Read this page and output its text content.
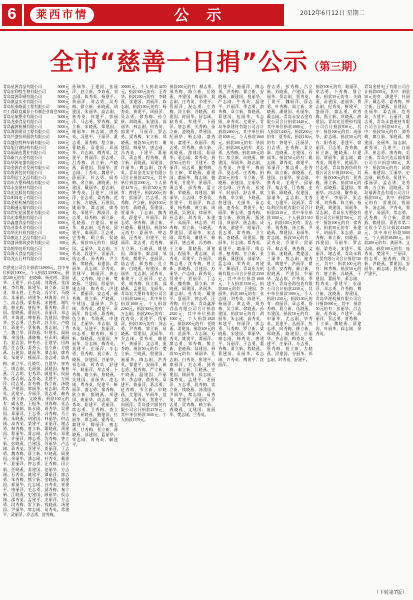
6	莱西市情	公 示	2012年6月12日 星期二
全市“慈善一日捐”公示（第三期）
青岛星源食品有限公司	5000元
青岛宏利特生物有限公司	5000元
青岛富源印刷有限公司	5000元
青岛康益实业有限公司	5000元
青岛恒泰路面工程有限公司 5000元
市工商联直属非公有制企业商会 5000元
青岛启航塑业有限公司	5000元
青岛龙泰食品有限公司	5000元
青岛鑫源机械有限公司	5000元
青岛海润建设工程有限公司 5000元
青岛兴盛纺织服装有限公司 1000元
青岛盛达特种车辆有限公司 1000元
青岛旭日钢结构有限公司	1000元
青岛福瑞达置业有限公司	1000元
青岛新兴五金有限公司	1000元
青岛华源电器有限公司	1000元
青岛金源农业发展有限公司 1000元
青岛鲁源包装有限公司	1000元
青岛利达工艺品有限公司	1000元
青岛东方塑料制品有限公司 1000元
青岛永安建材有限公司	1000元
青岛宏达服装有限公司	1000元
青岛明珠电子有限公司	1000元
青岛金桥机械有限公司	1000元
青岛顺通运输有限公司	1000元
青岛世纪花园置业有限公司 1000元
青岛宏泰塑胶有限公司	1000元
青岛鑫盛食品有限公司	1000元
青岛亚泰木业有限公司	600元
青岛华光针织有限公司	600元
青岛康达工艺品有限公司	600元
青岛盛泽建筑安装有限公司 500元
青岛锦华纺织有限公司	500元
青岛海天食品有限公司	500元
青岛龙山石材有限公司	500元

市供电公司合计捐款134900元，其中单位捐款1000元，个人捐款133900元。捐款200元的有：赵晓峰、杨光明、姜丽华、王建平、孙志刚、刘海燕、张国栋、李红梅、陈建军、周立新、吴春花、郑永胜、王秀英、冯学军、马晓东、朱丽娟、胡建华、林海涛、何玉兰、高志强、梁春燕、宋德胜、谢红霞、韩光辉、唐振华、董秀梅、萧立国、程晓燕、曹国庆、袁丽萍、邓志明、许海波、傅春燕、沈建国、曾丽华、彭志勇、吕秀珍、苏卫东、卢晓红、蒋建平、蔡春梅、贾志刚、丁秀兰、魏立华、薛海燕、叶建军、阎丽娜、余国强、潘晓梅、杜永明、戴丽君、夏志国、钟秀芳、汪建华、田海霞、任志强、姜秀云、范立新、方晓燕、石建国、姚丽华、谭志刚、廖秀英、邹建平、熊丽萍、金志勇、陆秀梅、郝立军、孔晓红、白建华、崔秀兰、康志刚、毛丽娟、邱建国、秦春燕、江志明、史秀珍、顾建军、侯丽华、邵志刚、孟秀英、龙建平、万丽萍、段志勇、雷秀梅、钱立新、汤晓燕、尹建国、黎丽华、易志刚、常秀英、武建平、乔丽萍、贺志勇、赖秀梅、龚立新、文晓燕。捐款100元的有：臧永胜、王振华、刘春梅、张志国、李丽娟、陈永刚、周秀华、吴建国、郑丽萍、王志勇、冯秀梅、马立新、朱晓燕、胡建国、林丽华、何志刚、高秀英、梁建平、宋丽萍、谢志勇、韩秀梅、唐立新、董晓燕、萧建国、程丽华、曹志刚、袁秀英、邓建平、许丽萍、傅志勇、沈秀梅、曾立新、彭晓燕、吕建国、苏丽华、卢志刚、蒋秀英、蔡建平、贾丽萍、丁志勇、魏秀梅、薛立新、叶晓燕、阎建国、余丽华、潘志刚、杜秀英、戴建平、夏丽萍、钟志勇、汪秀梅、田立新、任晓燕、姜建国、范丽华、方志刚、石秀英、姚建平、谭丽萍、廖志勇、邹秀梅、熊立新、金晓燕、陆建国、郝丽华、孔志刚、白秀英、崔建平、康丽萍、毛志勇、邱秀梅、秦立新、江晓燕、史建国、顾丽华、侯志刚、邵秀英、孟建平、龙丽萍、万志勇、段秀梅、雷立新、钱晓燕、汤建国、尹丽华、黎志刚、易秀英、常建平、武丽萍、乔志勇、贺秀梅。

孙瑞华、王建国、张丽萍、赵立新、李春燕、刘志刚、陈秀英、杨建平、黄丽萍、周志勇、吴秀梅、徐立新、孙晓燕、胡建国、朱丽华、高志刚、林秀英、何建平、郭丽萍、马志勇、罗秀梅、梁立新、宋晓燕、郑建国、谢丽华、韩志刚、唐秀英、冯建平、于丽萍、董志勇、萧秀梅、程立新、曹晓燕、袁建国、邓丽华、许志刚、傅秀英、沈建平、曾丽萍、彭志勇、吕秀梅、苏立新、卢晓燕、蒋建国、蔡丽华、贾志刚、丁秀英、魏建平、薛丽萍、叶志勇、阎秀梅、余立新、潘晓燕、杜建国、戴丽华、夏志刚、钟秀英、汪建平、田丽萍、任志勇、姜秀梅、范立新、方晓燕、石建国、姚丽华、谭志刚、廖秀英、邹建平、熊丽萍、金志勇、陆秀梅、郝立新、孔晓燕、白建国、崔丽华、康志刚、毛秀英、邱建平、秦丽萍、江志勇、史秀梅、顾立新、侯晓燕。捐款50元的有：邵建国、孟丽华、龙志刚、万秀英、段建平、雷丽萍、钱志勇、汤秀梅、尹立新、黎晓燕、易建国、常丽华、武志刚、乔秀英、贺建平、赖丽萍、龚志勇、文秀梅、庞立新、樊晓燕、兰建国、殷丽华、施志刚、陶秀英、洪建平、翟丽萍、安志勇、颜秀梅、倪立新、严晓燕、牛建国、温丽华、芦志刚、季秀英、俞建平、章丽萍、鲁志勇、葛秀梅、伍立新、韦晓燕、申建国、尤丽华、毕志刚、聂秀英、丛建平、焦丽萍、向志勇、柳秀梅、邢立新、路晓燕、岳建国、齐丽华、沿志刚、梅秀英、莫建平、庄丽萍、辛志勇、管秀梅、祝立新、左晓燕、涂建国、谷丽华、祁志刚、时秀英、舒建平、耿丽萍、牟志勇、卜秀梅、路立新、詹晓燕、关建国、苗丽华、凌志刚、费秀英、纪建平、靳丽萍、盛志勇、童秀梅、欧立新、甄晓燕、项建国、曲丽华、成志刚、游秀英、阳建平、裴丽萍、席志勇、卫秀梅、查立新、屈晓燕、鲍建国、位丽华、覃志刚、霍秀英、翁建平、隋丽萍、植志勇、甘秀梅、景立新、薄晓燕、邰建国、蓝丽华、荣志刚、冉秀英、解建平。

30000元，个人捐款4470元。捐款300元的有：王秀华。捐款200元的有：李晓燕、张建国、刘丽萍、陈志刚。捐款100元的有：杨秀英、黄建平、周丽萍、吴志勇、徐秀梅、孙立新、胡晓燕、朱建国、高丽华、林志刚、何秀英、郭建平、马丽萍、罗志勇、梁秀梅、宋立新、郑晓燕。捐款50元的有：谢建国、韩丽华、唐志刚、冯秀英、于建平、董丽萍、萧志勇、程秀梅、曹立新、袁晓燕、邓建国、许丽华、傅志刚、沈秀英。青岛金龙实业有限公司合计捐款4270元，其中单位捐款2000元，个人捐款2270元。捐款500元的有：曾建平。捐款200元的有：彭丽萍、吕志勇、苏秀梅、卢立新。捐款100元的有：蒋晓燕、蔡建国、贾丽华、丁志刚、魏秀英、薛建平、叶丽萍、阎志勇、余秀梅、潘立新、杜晓燕、戴建国。捐款50元的有：夏丽华、钟志刚、汪秀英、田建平、任丽萍、姜志勇、范秀梅、方立新、石晓燕、姚建国、谭丽华、廖志刚、邹秀英、熊建平、金丽萍、陆志勇、郝秀梅、孔立新、白晓燕、崔建国、康丽华、毛志刚、邱秀英、秦建平、江丽萍、史志勇、顾秀梅、侯立新、邵晓燕、孟建国、龙丽华。青岛宏大塑料有限公司合计捐款3260元，其中单位捐款1000元，个人捐款2260元。捐款300元的有：万志刚。捐款200元的有：段秀英、雷建平、钱丽萍。捐款100元的有：汤志勇、尹秀梅、黎立新、易晓燕、常建国、武丽华、乔志刚、贺秀英、赖建平、龚丽萍、文志勇、庞秀梅。捐款50元的有：樊立新、兰晓燕、殷建国、施丽华、陶志刚、洪秀英、翟建平、安丽萍、颜志勇、倪秀梅、严立新、牛晓燕、温建国、芦丽华、季志刚、俞秀英、章建平、鲁丽萍、葛志勇、伍秀梅、韦立新、申晓燕、尤建国、毕丽华、聂志刚、丛秀英、焦建平、向丽萍。青岛盛兴服装有限公司合计捐款2570元，其中单位捐款1000元，个人捐款1570元。

捐款100元的有：柳志勇、邢秀梅、路立新、岳晓燕、齐建国、梅丽华、莫志刚、庄秀英、辛建平、管丽萍、祝志勇、左秀梅、涂立新、谷晓燕、祁建国、时丽华、舒志刚、耿秀英、牟建平、卜丽萍、詹志勇、关秀梅、苗立新、凌晓燕、费建国、纪丽华、靳志刚、盛秀英、童建平、欧丽萍、甄志勇、项秀梅、曲立新、成晓燕、游建国、阳丽华、裴志刚、席秀英。捐款50元的有：卫建平、查丽萍、屈志勇、鲍秀梅、位立新、覃晓燕、霍建国、翁丽华、隋志刚、植秀英、甘建平、景丽萍、薄志勇、邰秀梅、蓝立新、荣晓燕、冉建国、解丽华、王志刚、李秀英、张建平、刘丽萍、陈志勇、杨秀梅、黄立新、周晓燕、吴建国、徐丽华、孙志刚、胡秀英、朱建平、高丽萍、林志勇、何秀梅、郭立新、马晓燕、罗建国、梁丽华、宋志刚、郑秀英、谢建平、韩丽萍、唐志勇、冯秀梅、于立新、董晓燕、萧建国、程丽华、曹志刚、袁秀英、邓建平、许丽萍、傅志勇、沈秀梅、曾立新、彭晓燕、吕建国、苏丽华、卢志刚、蒋秀英、蔡建平、贾丽萍、丁志勇、魏秀梅、薛立新、叶晓燕、阎建国、余丽华、潘志刚、杜秀英、戴建平、夏丽萍、钟志勇、汪秀梅、田立新。青岛鑫源食品有限公司合计捐款2820元，其中单位捐款1000元，个人捐款1820元。捐款200元的有：任晓燕、姜建国。捐款100元的有：范丽华、方志刚、石秀英、姚建平、谭丽萍、廖志勇、邹秀梅、熊立新、金晓燕、陆建国。捐款50元的有：郝丽华、孔志刚、白秀英、崔建平、康丽萍、毛志勇、邱秀梅、秦立新、江晓燕、史建国、顾丽华、侯志刚、邵秀英、孟建平、龙丽萍、万志勇、段秀梅、雷立新、钱晓燕、汤建国、尹丽华、黎志刚、易秀英、常建平、武丽萍、乔志勇、贺秀梅、赖立新、龚晓燕、文建国、庞丽华、樊志刚、兰秀英。

殷建平、施丽萍、陶志勇、洪秀梅、翟立新、安晓燕、颜建国、倪丽华、严志刚、牛秀英、温建平、芦丽萍、季志勇、俞秀梅、章立新、鲁晓燕、葛建国、伍丽华、韦志刚、申秀英、尤建平。青岛华泰建材有限公司合计捐款2660元，其中单位捐款1000元，个人捐款1660元。捐款300元的有：毕丽萍。捐款200元的有：聂志勇、丛秀梅。捐款100元的有：焦立新、向晓燕、柳建国、邢丽华、路志刚、岳秀英、齐建平、梅丽萍、莫志勇、庄秀梅。捐款50元的有：辛立新、管晓燕、祝建国、左丽华、涂志刚、谷秀英、祁建平、时丽萍、舒志勇、耿秀梅、牟立新、卜晓燕、詹建国、关丽华、苗志刚、凌秀英、费建平、纪丽萍、靳志勇、盛秀梅、童立新、欧晓燕、甄建国、项丽华、曲志刚、成秀英、游建平、阳丽萍、裴志勇、席秀梅、卫立新、查晓燕、屈建国、鲍丽华、位志刚、覃秀英、霍建平、翁丽萍、隋志勇、植秀梅、甘立新、景晓燕、薄建国、邰丽华、蓝志刚、荣秀英、冉建平、解丽萍。青岛东方机械有限公司合计捐款2550元，其中单位捐款1000元，个人捐款1550元。捐款200元的有：王建国、李丽华。捐款100元的有：张志刚、刘秀英、陈建平、杨丽萍、黄志勇、周秀梅、吴立新、徐晓燕、孙建国。捐款50元的有：胡丽华、朱志刚、高秀英、林建平、何丽萍、郭志勇、马秀梅、罗立新、梁晓燕、宋建国、郑丽华、谢志刚、韩秀英、唐建平、冯丽萍、于志勇、董秀梅、萧立新、程晓燕、曹建国、袁丽华、邓志刚、许秀英、傅建平、沈丽萍。

曾志勇、彭秀梅、吕立新、苏晓燕、卢建国、蒋丽华、蔡志刚、贾秀英、丁建平、魏丽萍、薛志勇、叶秀梅、阎立新、余晓燕、潘建国、杜丽华、戴志刚。青岛永安五金有限公司合计捐款2440元，其中单位捐款1000元，个人捐款1440元。捐款200元的有：夏秀英。捐款100元的有：钟建平、汪丽萍、田志勇、任秀梅、姜立新、范晓燕、方建国、石丽华。捐款50元的有：姚志刚、谭秀英、廖建平、邹丽萍、熊志勇、金秀梅、陆立新、郝晓燕、孔建国、白丽华、崔志刚、康秀英、毛建平、邱丽萍、秦志勇、江秀梅、史立新、顾晓燕、侯建国、邵丽华、孟志刚、龙秀英、万建平、段丽萍。青岛利民纺织有限公司合计捐款2310元，其中单位捐款1000元，个人捐款1310元。捐款100元的有：雷志勇、钱秀梅、汤立新、尹晓燕、黎建国、易丽华、常志刚。捐款50元的有：武秀英、乔建平、贺丽萍、赖志勇、龚秀梅、文立新、庞晓燕、樊建国、兰丽华、殷志刚、施秀英、陶建平、洪丽萍、翟志勇、安秀梅、颜立新、倪晓燕、严建国、牛丽华、温志刚、芦秀英、季建平。青岛金海包装有限公司合计捐款2230元，其中单位捐款1000元，个人捐款1230元。捐款100元的有：俞丽萍、章志勇、鲁秀梅、葛立新、伍晓燕、韦建国。捐款50元的有：申丽华、尤志刚、毕秀英、聂建平、丛丽萍、焦志勇、向秀梅、柳立新、邢晓燕、路建国、岳丽华、齐志刚、梅秀英、莫建平、庄丽萍、辛志勇、管秀梅、祝立新、左晓燕、涂建国、谷丽华、祁志刚、时秀英、舒建平。

捐款100元的有：耿丽萍、牟志勇、卜秀梅、詹立新。捐款50元的有：关晓燕、苗建国、凌丽华、费志刚、纪秀英、靳建平、盛丽萍、童志勇、欧秀梅、甄立新、项晓燕、曲建国。青岛宏达塑料有限公司合计捐款830元，其中：捐款100元的有：成丽华、游志刚。捐款50元的有：阳秀英、裴建平、席丽萍、卫志勇、查秀梅、屈立新、鲍晓燕、位建国、覃丽华、霍志刚、翁秀英、隋建平、植丽萍、甘志勇。青岛鲁源纺织有限公司合计捐款810元，其中：捐款100元的有：景秀梅、薄立新。捐款50元的有：邰晓燕、蓝建国、荣丽华、冉志刚、解秀英、王建平、李丽萍、张志勇、刘秀梅、陈立新、杨晓燕、黄建国、周丽华、吴志刚。青岛东方塑胶有限公司合计捐款760元，其中：捐款100元的有：徐秀英。捐款50元的有：孙建平、胡丽萍、朱志勇、高秀梅、林立新、何晓燕、郭建国、马丽华、罗志刚、梁秀英、宋建平、郑丽萍、谢志勇。青岛永利工贸有限公司合计捐款720元，其中：捐款100元的有：韩秀梅。捐款50元的有：唐立新、冯晓燕、于建国、董丽华、萧志刚、程秀英、曹建平、袁丽萍、邓志勇、许秀梅、傅立新、沈晓燕、曾建国。青岛华源机械有限公司合计捐款690元，其中：捐款50元的有：彭丽华、吕志刚、苏秀英、卢建平、蒋丽萍、蔡志勇、贾秀梅、丁立新、魏晓燕、薛建国、叶丽华、阎志刚、余秀英。

青岛金桥电子有限公司合计捐款650元，其中：捐款50元的有：潘建平、杜丽萍、戴志勇、夏秀梅、钟立新、汪晓燕、田建国、任丽华、姜志刚、范秀英、方建平、石丽萍、姚志勇。青岛永盛建材有限公司合计捐款610元，其中：捐款50元的有：谭秀梅、廖立新、邹晓燕、熊建国、金丽华、陆志刚、郝秀英、孔建平、白丽萍、崔志勇、康秀梅、毛立新。青岛兴达运输有限公司合计捐款580元，其中：捐款50元的有：邱晓燕、秦建国、江丽华、史志刚、顾秀英、侯建平、邵丽萍、孟志勇、龙秀梅、万立新、段晓燕。青岛福源食品有限公司合计捐款550元，其中：捐款50元的有：雷建国、钱丽华、汤志刚、尹秀英、黎建平、易丽萍、常志勇、武秀梅、乔立新、贺晓燕、赖建国。莱西市第二实验小学合计捐款43480元，其中单位捐款5000元，个人捐款38480元。捐款200元的有：龚丽华、文志刚。捐款100元的有：庞秀英、樊建平、兰丽萍、殷志勇、施秀梅、陶立新、洪晓燕、翟建国、安丽华、颜志刚、倪秀英、严建平。

（下转第7版）
